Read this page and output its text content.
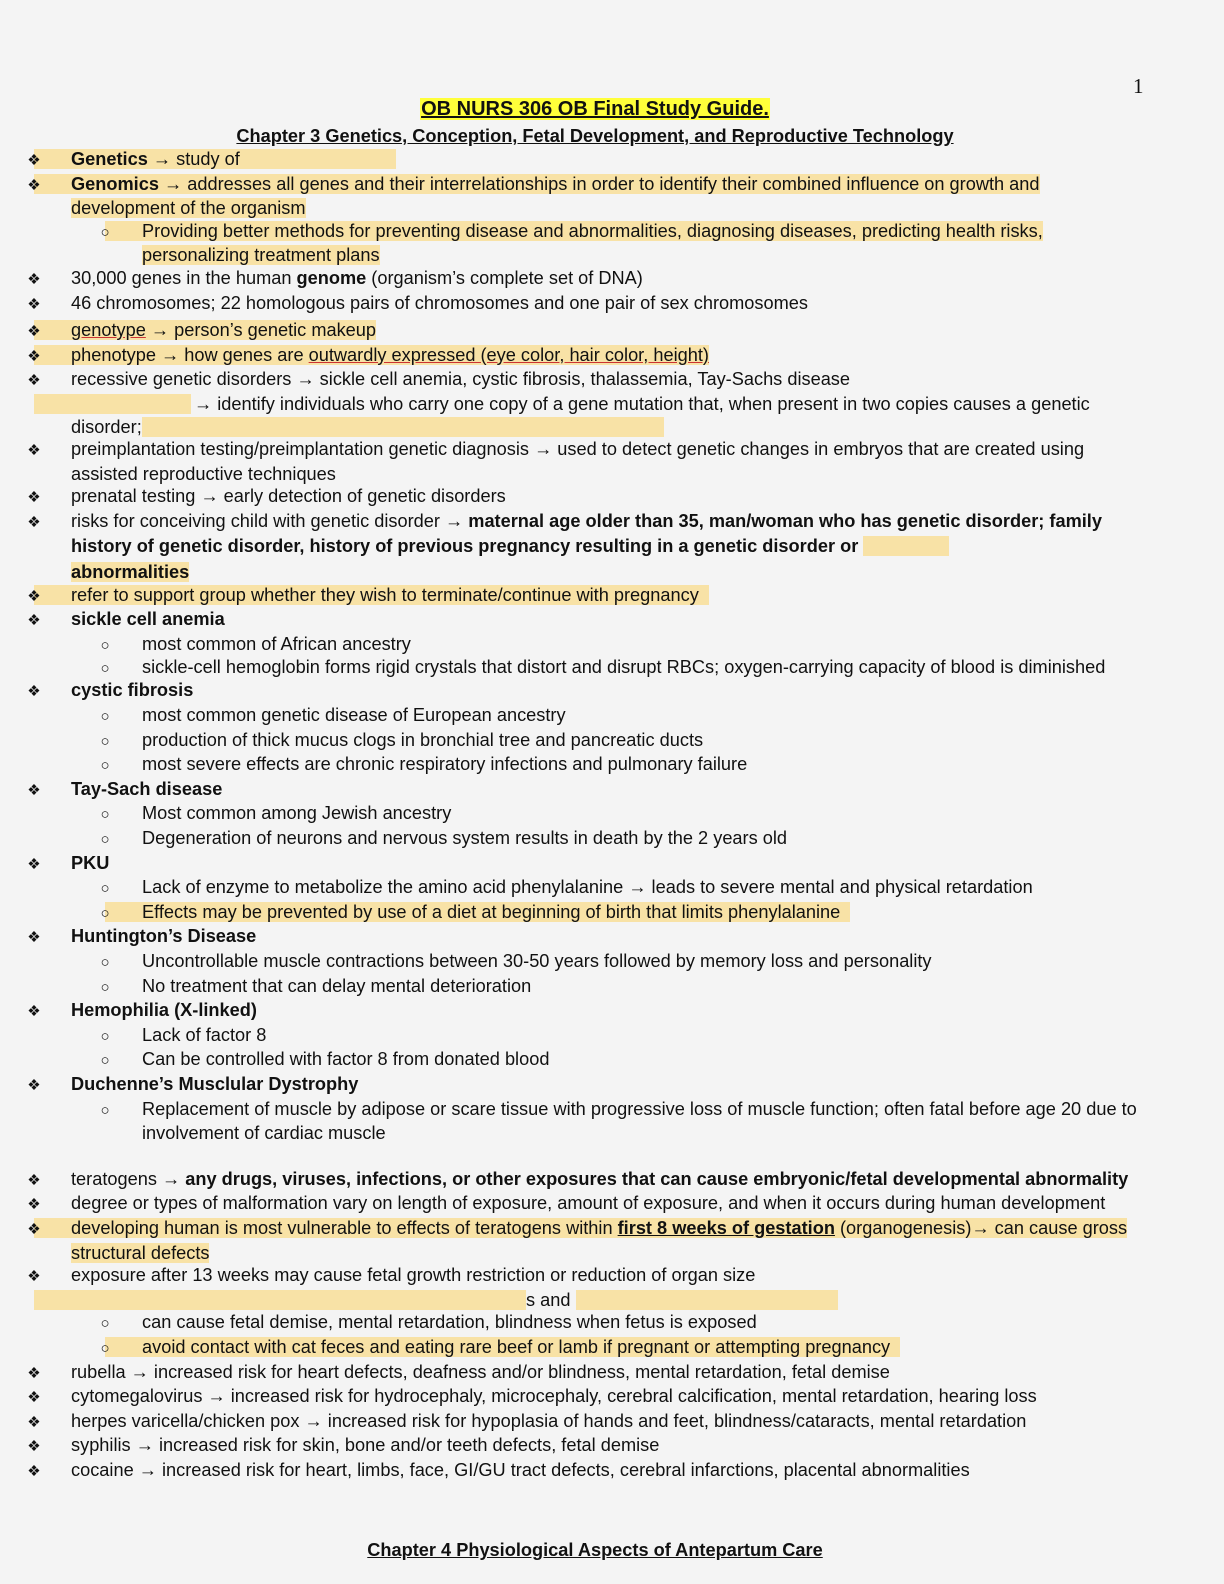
1
OB NURS 306 OB Final Study Guide.
Chapter 3 Genetics, Conception, Fetal Development, and Reproductive Technology
❖ Genetics → study of
❖ Genomics → addresses all genes and their interrelationships in order to identify their combined influence on growth and development of the organism
○ Providing better methods for preventing disease and abnormalities, diagnosing diseases, predicting health risks, personalizing treatment plans
❖ 30,000 genes in the human genome (organism’s complete set of DNA)
❖ 46 chromosomes; 22 homologous pairs of chromosomes and one pair of sex chromosomes
❖ genotype → person’s genetic makeup
❖ phenotype → how genes are outwardly expressed (eye color, hair color, height)
❖ recessive genetic disorders → sickle cell anemia, cystic fibrosis, thalassemia, Tay-Sachs disease
→ identify individuals who carry one copy of a gene mutation that, when present in two copies causes a genetic disorder;
❖ preimplantation testing/preimplantation genetic diagnosis → used to detect genetic changes in embryos that are created using assisted reproductive techniques
❖ prenatal testing → early detection of genetic disorders
❖ risks for conceiving child with genetic disorder → maternal age older than 35, man/woman who has genetic disorder; family history of genetic disorder, history of previous pregnancy resulting in a genetic disorder or
abnormalities
❖ refer to support group whether they wish to terminate/continue with pregnancy
❖ sickle cell anemia
○ most common of African ancestry
○ sickle-cell hemoglobin forms rigid crystals that distort and disrupt RBCs; oxygen-carrying capacity of blood is diminished
❖ cystic fibrosis
○ most common genetic disease of European ancestry
○ production of thick mucus clogs in bronchial tree and pancreatic ducts
○ most severe effects are chronic respiratory infections and pulmonary failure
❖ Tay-Sach disease
○ Most common among Jewish ancestry
○ Degeneration of neurons and nervous system results in death by the 2 years old
❖ PKU
○ Lack of enzyme to metabolize the amino acid phenylalanine → leads to severe mental and physical retardation
○ Effects may be prevented by use of a diet at beginning of birth that limits phenylalanine
❖ Huntington’s Disease
○ Uncontrollable muscle contractions between 30-50 years followed by memory loss and personality
○ No treatment that can delay mental deterioration
❖ Hemophilia (X-linked)
○ Lack of factor 8
○ Can be controlled with factor 8 from donated blood
❖ Duchenne’s Musclular Dystrophy
○ Replacement of muscle by adipose or scare tissue with progressive loss of muscle function; often fatal before age 20 due to involvement of cardiac muscle
❖ teratogens → any drugs, viruses, infections, or other exposures that can cause embryonic/fetal developmental abnormality
❖ degree or types of malformation vary on length of exposure, amount of exposure, and when it occurs during human development
❖ developing human is most vulnerable to effects of teratogens within first 8 weeks of gestation (organogenesis)→ can cause gross structural defects
❖ exposure after 13 weeks may cause fetal growth restriction or reduction of organ size
s and
○ can cause fetal demise, mental retardation, blindness when fetus is exposed
○ avoid contact with cat feces and eating rare beef or lamb if pregnant or attempting pregnancy
❖ rubella → increased risk for heart defects, deafness and/or blindness, mental retardation, fetal demise
❖ cytomegalovirus → increased risk for hydrocephaly, microcephaly, cerebral calcification, mental retardation, hearing loss
❖ herpes varicella/chicken pox → increased risk for hypoplasia of hands and feet, blindness/cataracts, mental retardation
❖ syphilis → increased risk for skin, bone and/or teeth defects, fetal demise
❖ cocaine → increased risk for heart, limbs, face, GI/GU tract defects, cerebral infarctions, placental abnormalities
Chapter 4 Physiological Aspects of Antepartum Care
